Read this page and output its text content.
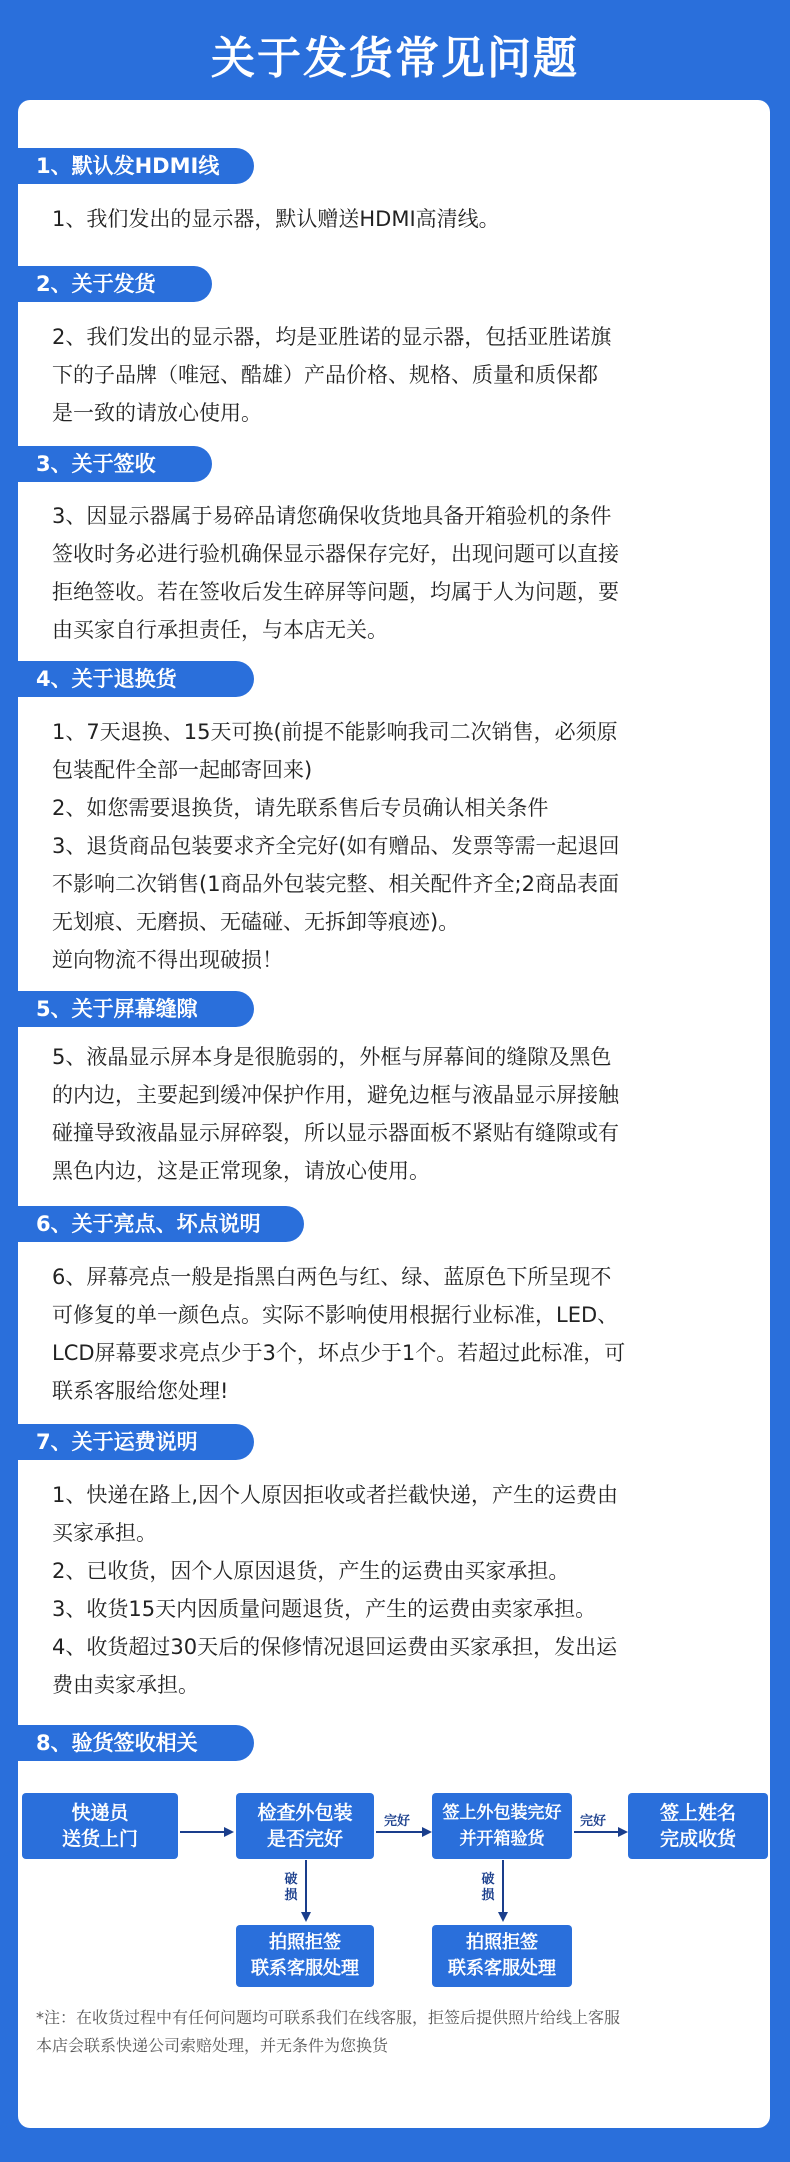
关于发货常见问题
1、默认发HDMI线

1、我们发出的显示器，默认赠送HDMI高清线。

2、关于发货

2、我们发出的显示器，均是亚胜诺的显示器，包括亚胜诺旗

下的子品牌（唯冠、酷雄）产品价格、规格、质量和质保都

是一致的请放心使用。

3、关于签收

3、因显示器属于易碎品请您确保收货地具备开箱验机的条件

签收时务必进行验机确保显示器保存完好，出现问题可以直接

拒绝签收。若在签收后发生碎屏等问题，均属于人为问题，要

由买家自行承担责任，与本店无关。

4、关于退换货

1、7天退换、15天可换(前提不能影响我司二次销售，必须原

包装配件全部一起邮寄回来)

2、如您需要退换货，请先联系售后专员确认相关条件

3、退货商品包装要求齐全完好(如有赠品、发票等需一起退回

不影响二次销售(1商品外包装完整、相关配件齐全;2商品表面

无划痕、无磨损、无磕碰、无拆卸等痕迹)。

逆向物流不得出现破损！

5、关于屏幕缝隙

5、液晶显示屏本身是很脆弱的，外框与屏幕间的缝隙及黑色

的内边，主要起到缓冲保护作用，避免边框与液晶显示屏接触

碰撞导致液晶显示屏碎裂，所以显示器面板不紧贴有缝隙或有

黑色内边，这是正常现象，请放心使用。

6、关于亮点、坏点说明

6、屏幕亮点一般是指黑白两色与红、绿、蓝原色下所呈现不

可修复的单一颜色点。实际不影响使用根据行业标准，LED、

LCD屏幕要求亮点少于3个，坏点少于1个。若超过此标准，可

联系客服给您处理!

7、关于运费说明

1、快递在路上,因个人原因拒收或者拦截快递，产生的运费由

买家承担。

2、已收货，因个人原因退货，产生的运费由买家承担。

3、收货15天内因质量问题退货，产生的运费由卖家承担。

4、收货超过30天后的保修情况退回运费由买家承担，发出运

费由卖家承担。

8、验货签收相关
快递员
送货上门
检查外包装
是否完好
签上外包装完好
并开箱验货
签上姓名
完成收货
拍照拒签
联系客服处理
拍照拒签
联系客服处理
完好	完好
破
损
破
损
*注：在收货过程中有任何问题均可联系我们在线客服，拒签后提供照片给线上客服
本店会联系快递公司索赔处理，并无条件为您换货
